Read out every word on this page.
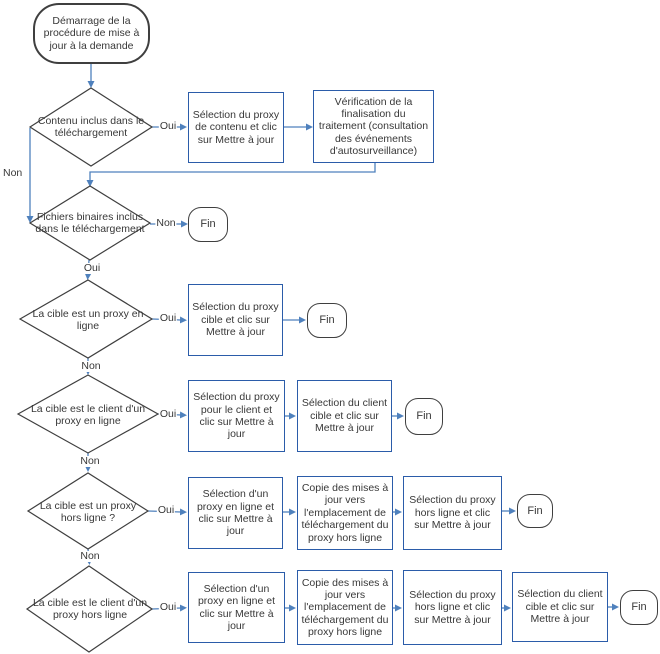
Démarrage de la procédure de mise à jour à la demande
Contenu inclus dans le téléchargement
Fichiers binaires inclus dans le téléchargement
La cible est un proxy en ligne
La cible est le client d'un proxy en ligne
La cible est un proxy hors ligne ?
La cible est le client d'un proxy hors ligne
Sélection du proxy de contenu et clic sur Mettre à jour
Vérification de la finalisation du traitement (consultation des événements d'autosurveillance)
Sélection du proxy cible et clic sur Mettre à jour
Sélection du proxy pour le client et clic sur Mettre à jour
Sélection du client cible et clic sur Mettre à jour
Sélection d'un proxy en ligne et clic sur Mettre à jour
Copie des mises à jour vers l'emplacement de téléchargement du proxy hors ligne
Sélection du proxy hors ligne et clic sur Mettre à jour
Sélection d'un proxy en ligne et clic sur Mettre à jour
Copie des mises à jour vers l'emplacement de téléchargement du proxy hors ligne
Sélection du proxy hors ligne et clic sur Mettre à jour
Sélection du client cible et clic sur Mettre à jour
Fin
Fin
Fin
Fin
Fin
Non
Oui
Non
Oui
Oui
Non
Oui
Non
Oui
Non
Oui
